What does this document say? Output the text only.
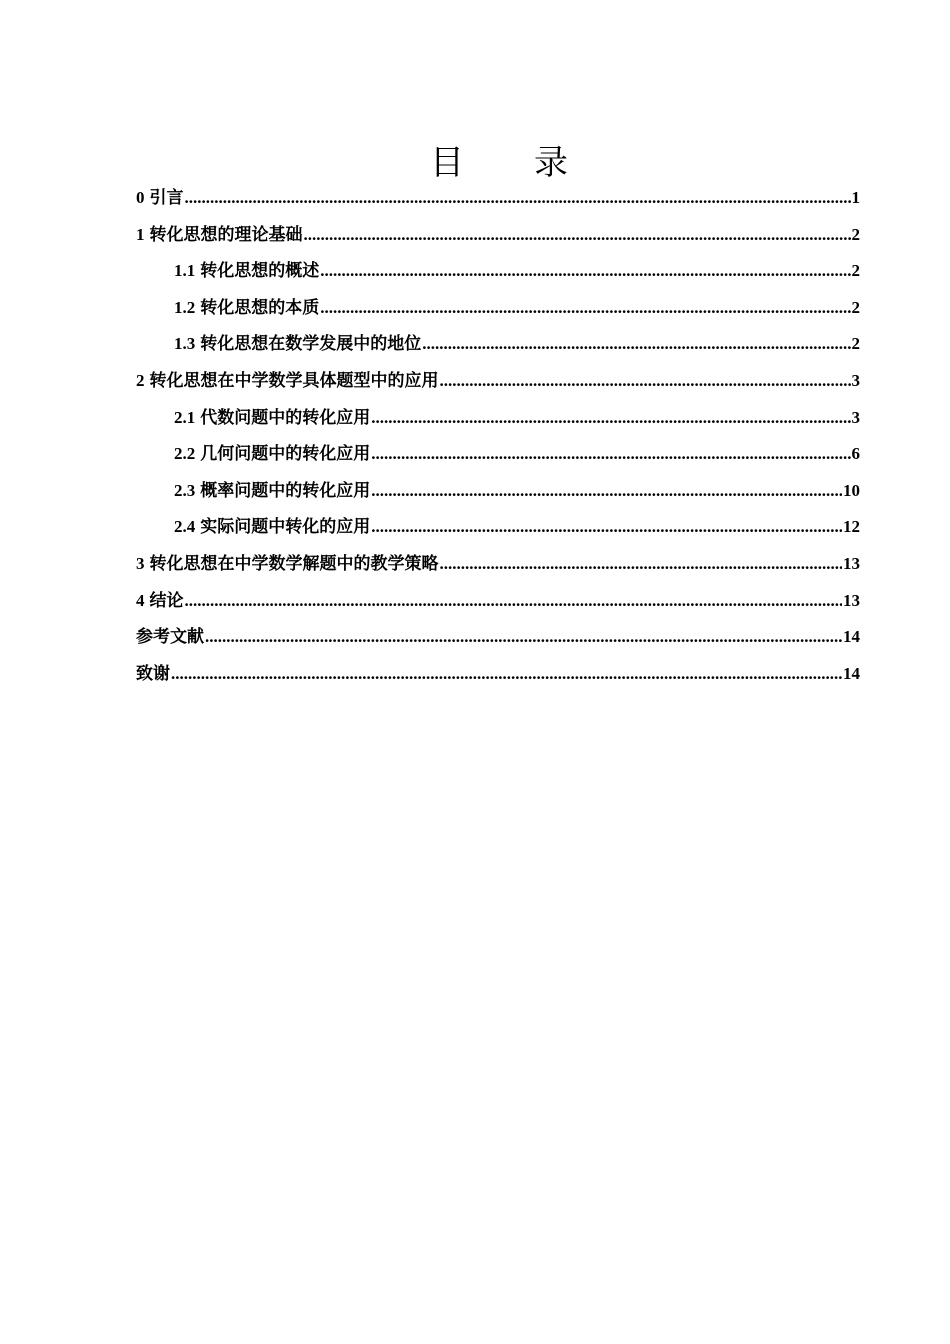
目 录
0 引言 .....	1
1 转化思想的理论基础 .....	2
1.1 转化思想的概述 .....	2
1.2 转化思想的本质 .....	2
1.3 转化思想在数学发展中的地位 .....	2
2 转化思想在中学数学具体题型中的应用 .....	3
2.1 代数问题中的转化应用 .....	3
2.2 几何问题中的转化应用 .....	6
2.3 概率问题中的转化应用 .....	10
2.4 实际问题中转化的应用 .....	12
3 转化思想在中学数学解题中的教学策略 .....	13
4 结论 .....	13
参考文献 .....	14
致谢 .....	14
